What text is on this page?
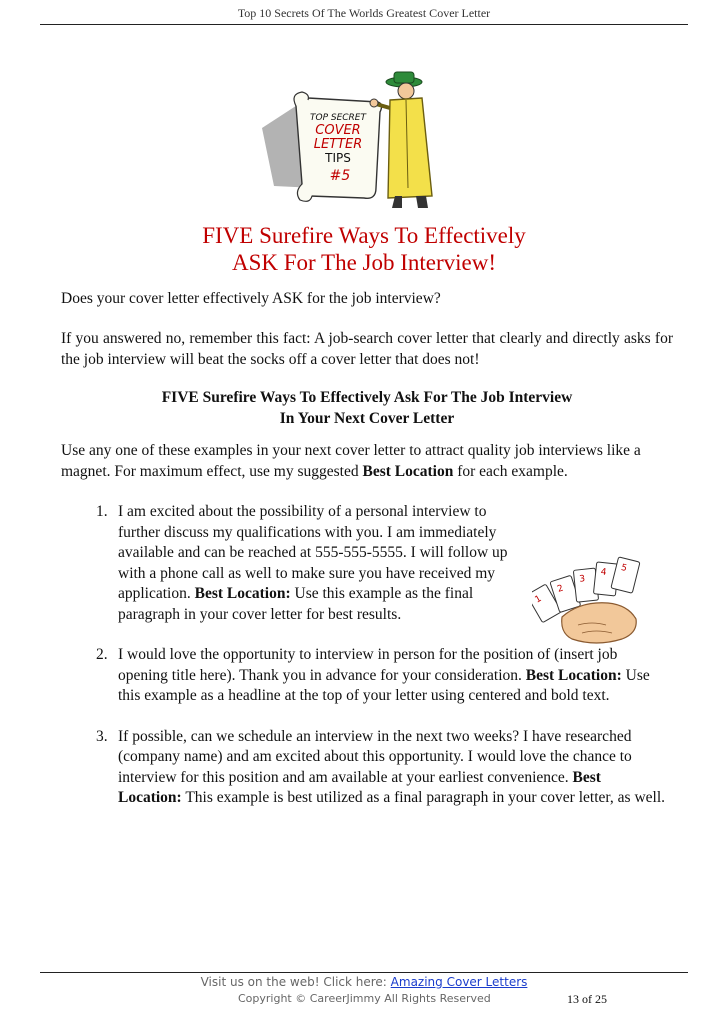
Top 10 Secrets Of The Worlds Greatest Cover Letter
TOP SECRET
COVER
LETTER
TIPS
#5
FIVE Surefire Ways To Effectively
ASK For The Job Interview!
Does your cover letter effectively ASK for the job interview?
If you answered no, remember this fact: A job-search cover letter that clearly and directly asks for the job interview will beat the socks off a cover letter that does not!
FIVE Surefire Ways To Effectively Ask For The Job Interview
In Your Next Cover Letter
Use any one of these examples in your next cover letter to attract quality job interviews like a magnet. For maximum effect, use my suggested Best Location for each example.
1. I am excited about the possibility of a personal interview to further discuss my qualifications with you. I am immediately available and can be reached at 555-555-5555. I will follow up with a phone call as well to make sure you have received my application. Best Location: Use this example as the final paragraph in your cover letter for best results.
2. I would love the opportunity to interview in person for the position of (insert job opening title here). Thank you in advance for your consideration. Best Location: Use this example as a headline at the top of your letter using centered and bold text.
3. If possible, can we schedule an interview in the next two weeks? I have researched (company name) and am excited about this opportunity. I would love the chance to interview for this position and am available at your earliest convenience. Best Location: This example is best utilized as a final paragraph in your cover letter, as well.
1
2
3
4 5
Visit us on the web! Click here: Amazing Cover Letters
Copyright © CareerJimmy All Rights Reserved	13 of 25
